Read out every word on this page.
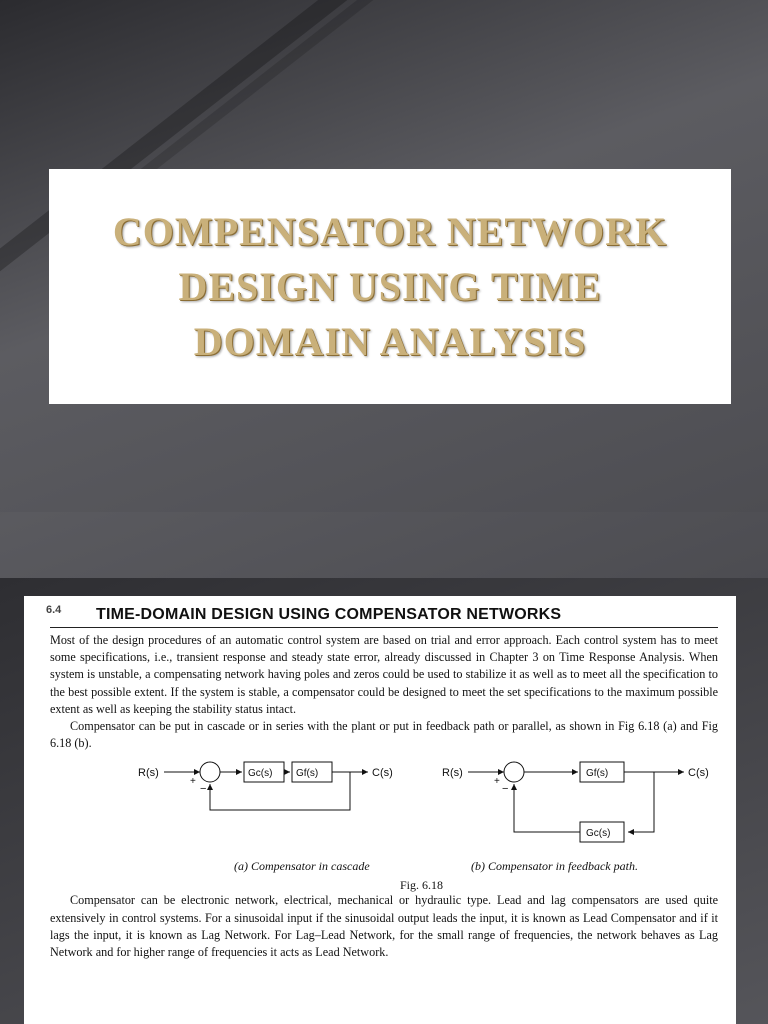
COMPENSATOR NETWORK
DESIGN USING TIME
DOMAIN ANALYSIS
6.4 TIME-DOMAIN DESIGN USING COMPENSATOR NETWORKS

Most of the design procedures of an automatic control system are based on trial and error approach. Each control system has to meet some specifications, i.e., transient response and steady state error, already discussed in Chapter 3 on Time Response Analysis. When system is unstable, a compensating network having poles and zeros could be used to stabilize it as well as to meet all the specification to the best possible extent. If the system is stable, a compensator could be designed to meet the set specifications to the maximum possible extent as well as keeping the stability status intact.

Compensator can be put in cascade or in series with the plant or put in feedback path or parallel, as shown in Fig 6.18 (a) and Fig 6.18 (b).

R(s)
+
Gc(s) Gf(s)	C(s)
−
R(s)
+
Gf(s)	C(s)
Gc(s)
−
(a) Compensator in cascade	(b) Compensator in feedback path.
Fig. 6.18

Compensator can be electronic network, electrical, mechanical or hydraulic type. Lead and lag compensators are used quite extensively in control systems. For a sinusoidal input if the sinusoidal output leads the input, it is known as Lead Compensator and if it lags the input, it is known as Lag Network. For Lag–Lead Network, for the small range of frequencies, the network behaves as Lag Network and for higher range of frequencies it acts as Lead Network.
